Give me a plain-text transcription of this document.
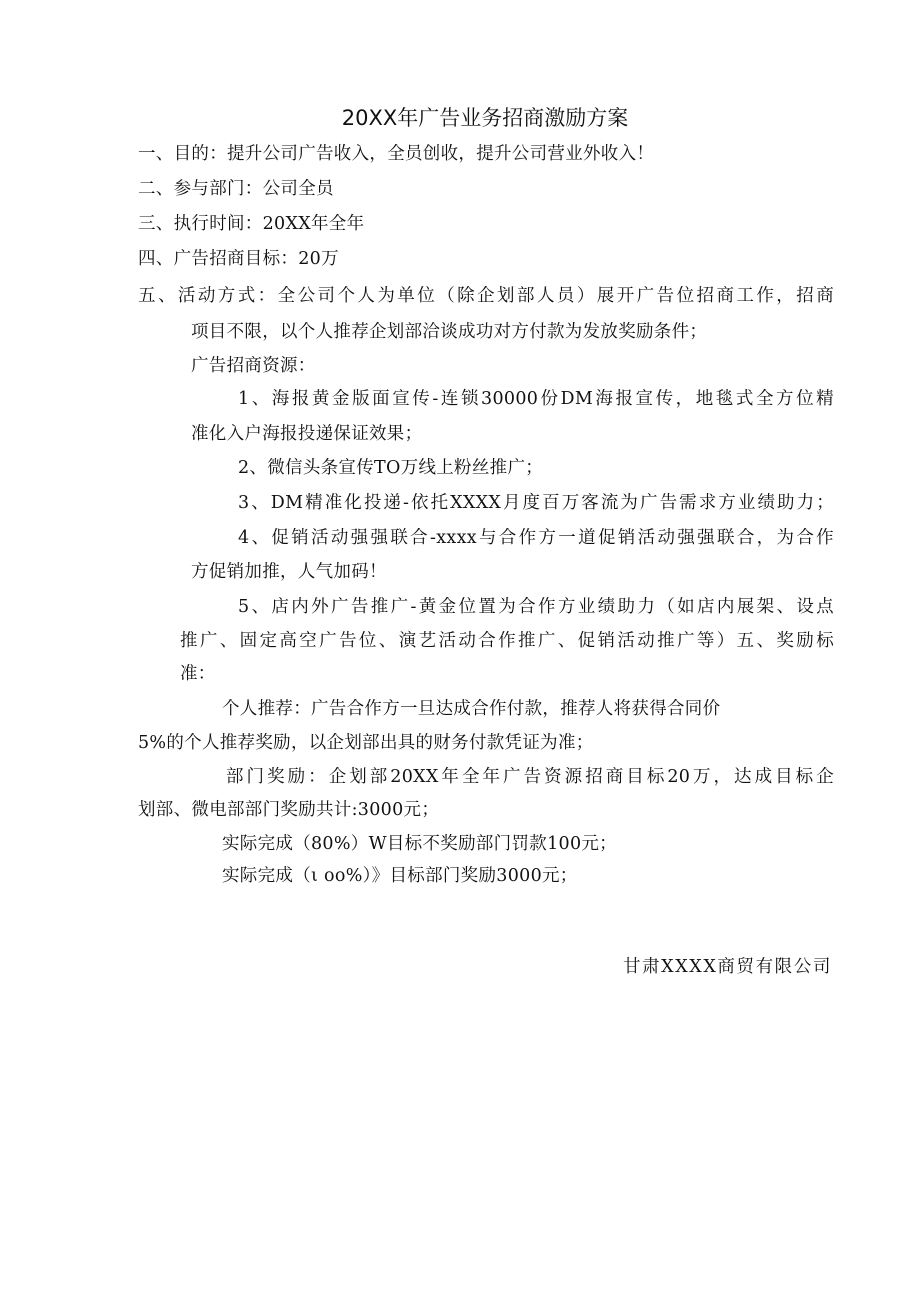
20XX年广告业务招商激励方案
一、目的：提升公司广告收入，全员创收，提升公司营业外收入！
二、参与部门：公司全员
三、执行时间：20XX年全年
四、广告招商目标：20万
五、活动方式：全公司个人为单位（除企划部人员）展开广告位招商工作，招商
项目不限，以个人推荐企划部洽谈成功对方付款为发放奖励条件；
广告招商资源：
1、海报黄金版面宣传-连锁30000份DM海报宣传，地毯式全方位精
准化入户海报投递保证效果；
2、微信头条宣传TO万线上粉丝推广；
3、DM精准化投递-依托XXXX月度百万客流为广告需求方业绩助力；
4、促销活动强强联合-xxxx与合作方一道促销活动强强联合，为合作
方促销加推，人气加码！
5、店内外广告推广-黄金位置为合作方业绩助力（如店内展架、设点
推广、固定高空广告位、演艺活动合作推广、促销活动推广等）五、奖励标
准：
个人推荐：广告合作方一旦达成合作付款，推荐人将获得合同价
5%的个人推荐奖励，以企划部出具的财务付款凭证为准；
部门奖励：企划部20XX年全年广告资源招商目标20万，达成目标企
划部、微电部部门奖励共计:3000元；
实际完成（80%）W目标不奖励部门罚款100元；
实际完成（ι oo%）》目标部门奖励3000元；
甘肃XXXX商贸有限公司
